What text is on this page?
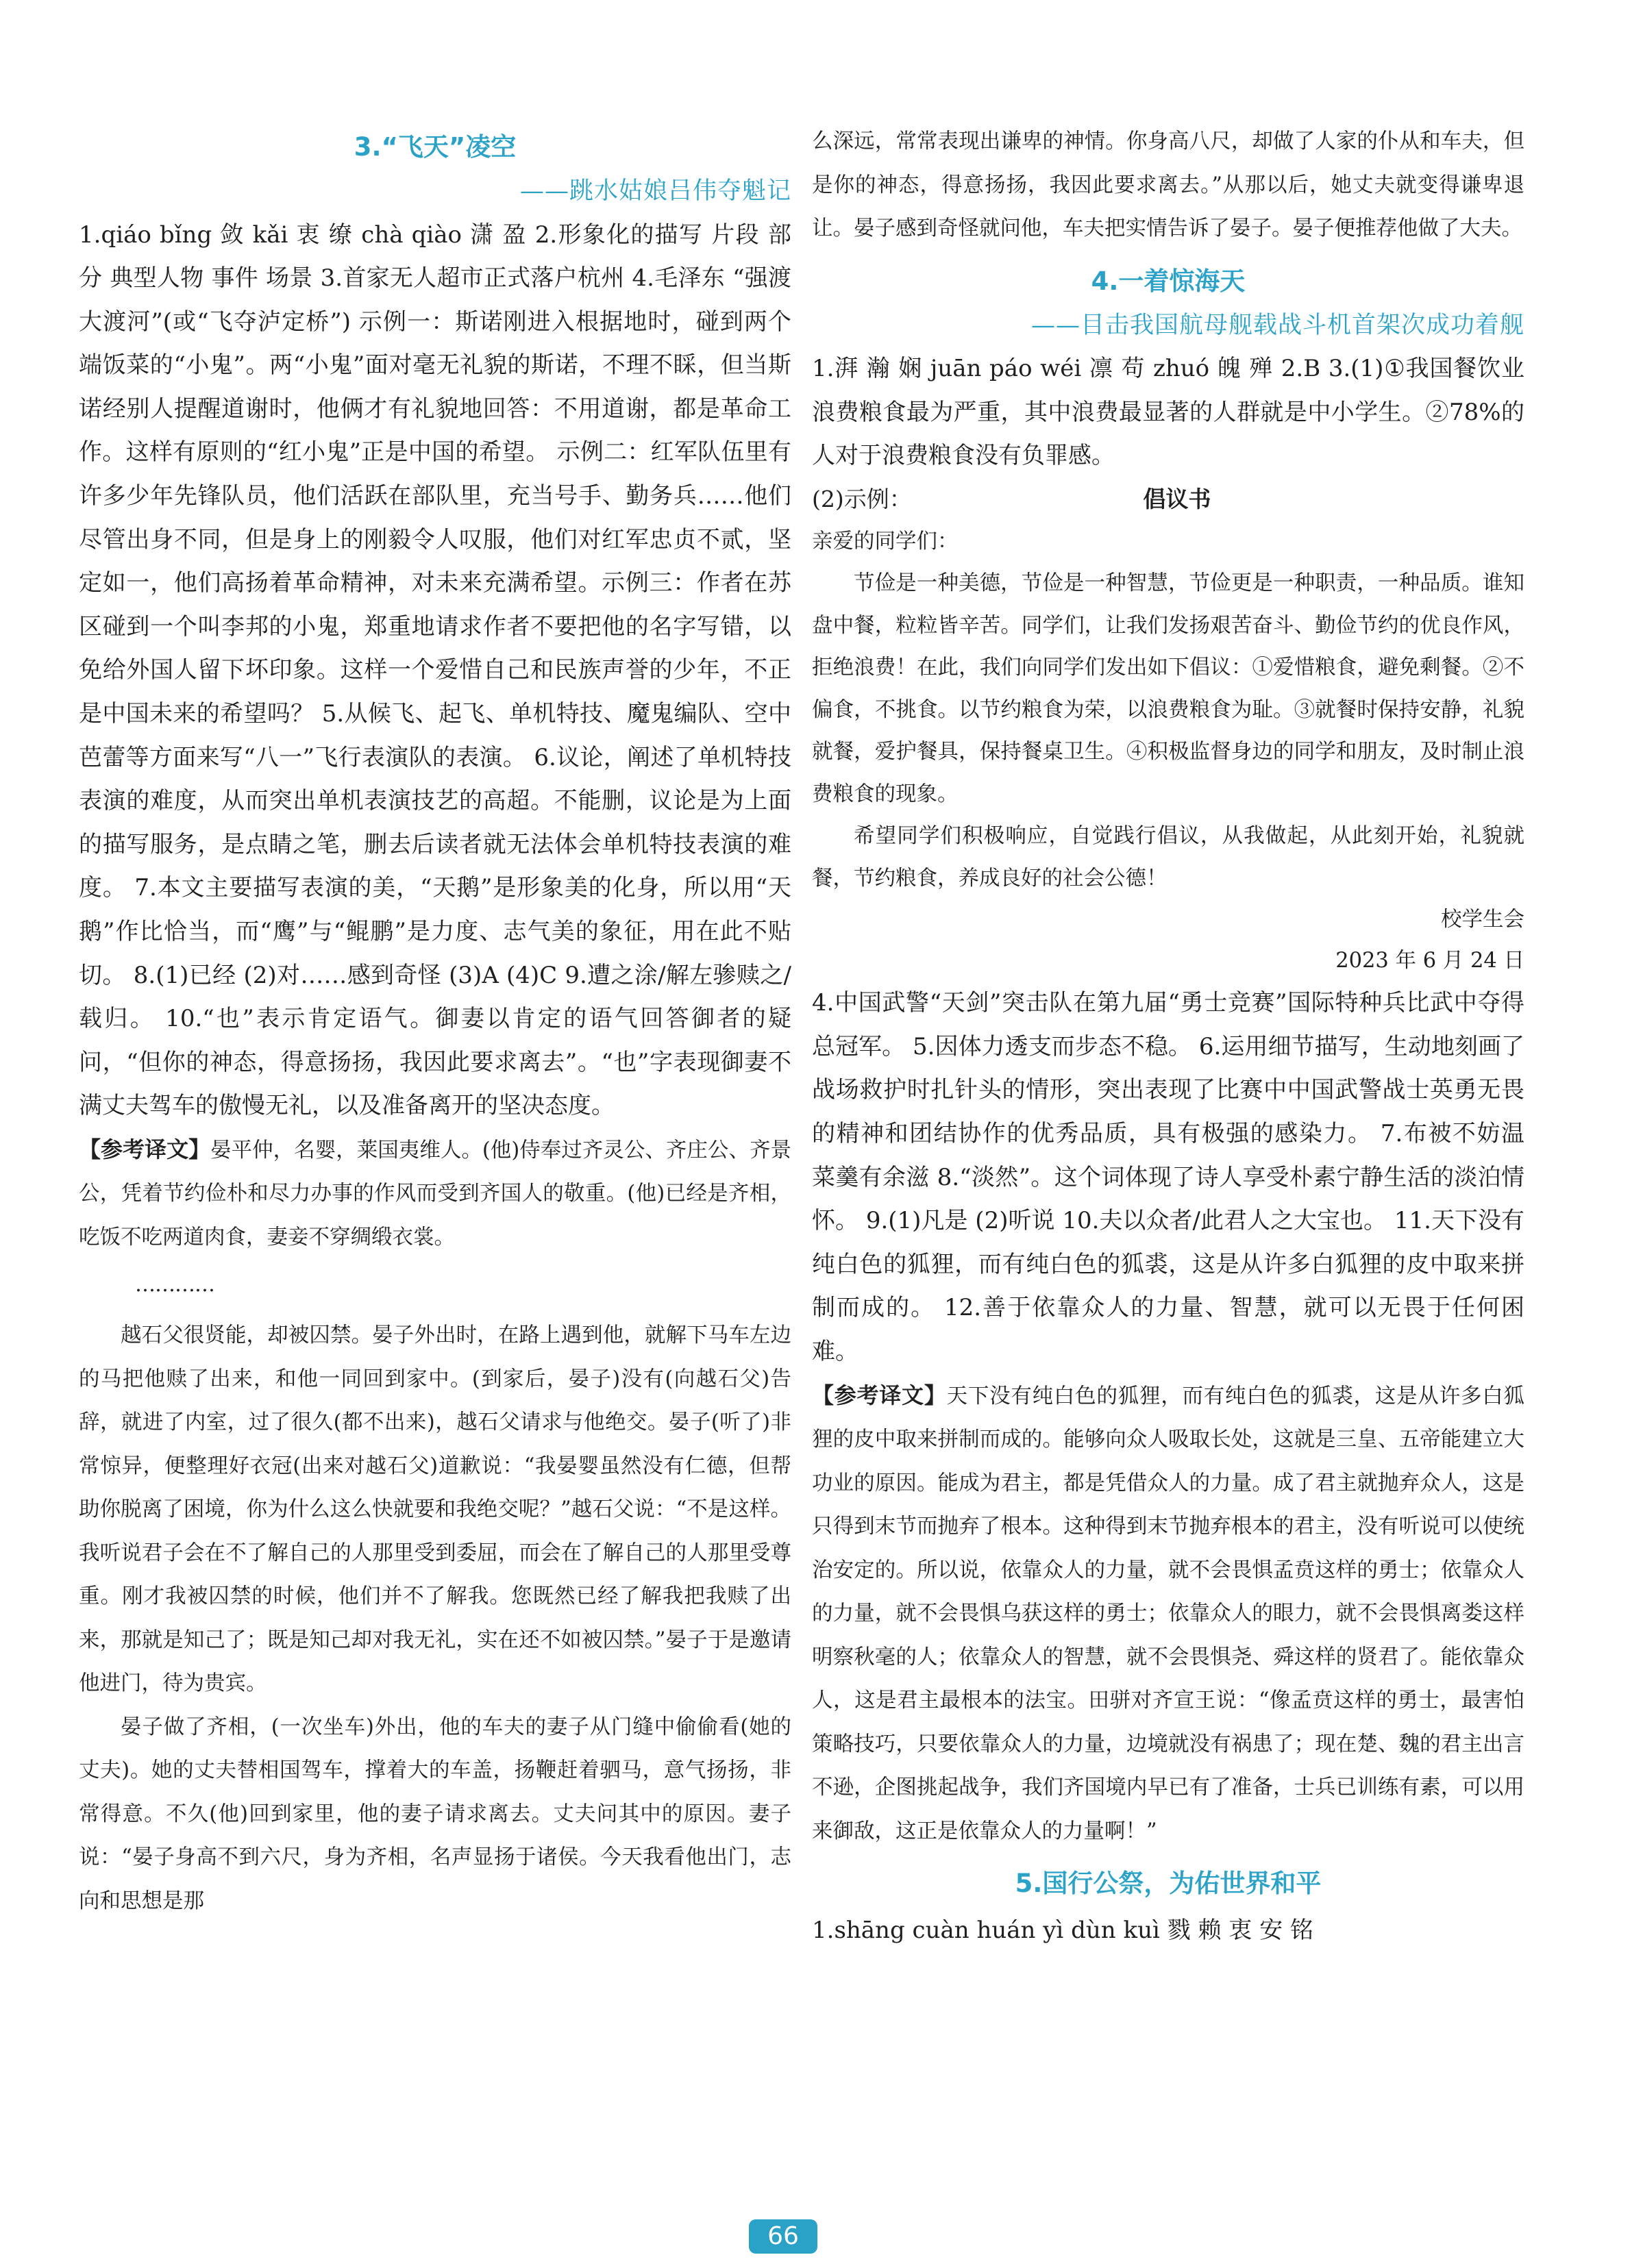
3.“飞天”凌空
——跳水姑娘吕伟夺魁记

1.qiáo bǐng 敛 kǎi 衷 缭 chà qiào 潇 盈 2.形象化的描写 片段 部分 典型人物 事件 场景 3.首家无人超市正式落户杭州 4.毛泽东 “强渡大渡河”(或“飞夺泸定桥”) 示例一：斯诺刚进入根据地时，碰到两个端饭菜的“小鬼”。两“小鬼”面对毫无礼貌的斯诺，不理不睬，但当斯诺经别人提醒道谢时，他俩才有礼貌地回答：不用道谢，都是革命工作。这样有原则的“红小鬼”正是中国的希望。 示例二：红军队伍里有许多少年先锋队员，他们活跃在部队里，充当号手、勤务兵……他们尽管出身不同，但是身上的刚毅令人叹服，他们对红军忠贞不贰，坚定如一，他们高扬着革命精神，对未来充满希望。示例三：作者在苏区碰到一个叫李邦的小鬼，郑重地请求作者不要把他的名字写错，以免给外国人留下坏印象。这样一个爱惜自己和民族声誉的少年，不正是中国未来的希望吗？ 5.从候飞、起飞、单机特技、魔鬼编队、空中芭蕾等方面来写“八一”飞行表演队的表演。 6.议论，阐述了单机特技表演的难度，从而突出单机表演技艺的高超。不能删，议论是为上面的描写服务，是点睛之笔，删去后读者就无法体会单机特技表演的难度。 7.本文主要描写表演的美，“天鹅”是形象美的化身，所以用“天鹅”作比恰当，而“鹰”与“鲲鹏”是力度、志气美的象征，用在此不贴切。 8.(1)已经 (2)对……感到奇怪 (3)A (4)C 9.遭之涂/解左骖赎之/载归。 10.“也”表示肯定语气。御妻以肯定的语气回答御者的疑问，“但你的神态，得意扬扬，我因此要求离去”。“也”字表现御妻不满丈夫驾车的傲慢无礼，以及准备离开的坚决态度。

【参考译文】晏平仲，名婴，莱国夷维人。(他)侍奉过齐灵公、齐庄公、齐景公，凭着节约俭朴和尽力办事的作风而受到齐国人的敬重。(他)已经是齐相，吃饭不吃两道肉食，妻妾不穿绸缎衣裳。

…………

越石父很贤能，却被囚禁。晏子外出时，在路上遇到他，就解下马车左边的马把他赎了出来，和他一同回到家中。(到家后，晏子)没有(向越石父)告辞，就进了内室，过了很久(都不出来)，越石父请求与他绝交。晏子(听了)非常惊异，便整理好衣冠(出来对越石父)道歉说：“我晏婴虽然没有仁德，但帮助你脱离了困境，你为什么这么快就要和我绝交呢？”越石父说：“不是这样。我听说君子会在不了解自己的人那里受到委屈，而会在了解自己的人那里受尊重。刚才我被囚禁的时候，他们并不了解我。您既然已经了解我把我赎了出来，那就是知己了；既是知己却对我无礼，实在还不如被囚禁。”晏子于是邀请他进门，待为贵宾。

晏子做了齐相，(一次坐车)外出，他的车夫的妻子从门缝中偷偷看(她的丈夫)。她的丈夫替相国驾车，撑着大的车盖，扬鞭赶着驷马，意气扬扬，非常得意。不久(他)回到家里，他的妻子请求离去。丈夫问其中的原因。妻子说：“晏子身高不到六尺，身为齐相，名声显扬于诸侯。今天我看他出门，志向和思想是那

么深远，常常表现出谦卑的神情。你身高八尺，却做了人家的仆从和车夫，但是你的神态，得意扬扬，我因此要求离去。”从那以后，她丈夫就变得谦卑退让。晏子感到奇怪就问他，车夫把实情告诉了晏子。晏子便推荐他做了大夫。

4.一着惊海天
——目击我国航母舰载战斗机首架次成功着舰

1.湃 瀚 娴 juān páo wéi 凛 苟 zhuó 魄 殚 2.B 3.(1)①我国餐饮业浪费粮食最为严重，其中浪费最显著的人群就是中小学生。②78%的人对于浪费粮食没有负罪感。

(2)示例：	倡议书

亲爱的同学们：

节俭是一种美德，节俭是一种智慧，节俭更是一种职责，一种品质。谁知盘中餐，粒粒皆辛苦。同学们，让我们发扬艰苦奋斗、勤俭节约的优良作风，拒绝浪费！在此，我们向同学们发出如下倡议：①爱惜粮食，避免剩餐。②不偏食，不挑食。以节约粮食为荣，以浪费粮食为耻。③就餐时保持安静，礼貌就餐，爱护餐具，保持餐桌卫生。④积极监督身边的同学和朋友，及时制止浪费粮食的现象。

希望同学们积极响应，自觉践行倡议，从我做起，从此刻开始，礼貌就餐，节约粮食，养成良好的社会公德！

校学生会

2023 年 6 月 24 日

4.中国武警“天剑”突击队在第九届“勇士竞赛”国际特种兵比武中夺得总冠军。 5.因体力透支而步态不稳。 6.运用细节描写，生动地刻画了战场救护时扎针头的情形，突出表现了比赛中中国武警战士英勇无畏的精神和团结协作的优秀品质，具有极强的感染力。 7.布被不妨温 菜羹有余滋 8.“淡然”。这个词体现了诗人享受朴素宁静生活的淡泊情怀。 9.(1)凡是 (2)听说 10.夫以众者/此君人之大宝也。 11.天下没有纯白色的狐狸，而有纯白色的狐裘，这是从许多白狐狸的皮中取来拼制而成的。 12.善于依靠众人的力量、智慧，就可以无畏于任何困难。

【参考译文】天下没有纯白色的狐狸，而有纯白色的狐裘，这是从许多白狐狸的皮中取来拼制而成的。能够向众人吸取长处，这就是三皇、五帝能建立大功业的原因。能成为君主，都是凭借众人的力量。成了君主就抛弃众人，这是只得到末节而抛弃了根本。这种得到末节抛弃根本的君主，没有听说可以使统治安定的。所以说，依靠众人的力量，就不会畏惧孟贲这样的勇士；依靠众人的力量，就不会畏惧乌获这样的勇士；依靠众人的眼力，就不会畏惧离娄这样明察秋毫的人；依靠众人的智慧，就不会畏惧尧、舜这样的贤君了。能依靠众人，这是君主最根本的法宝。田骈对齐宣王说：“像孟贲这样的勇士，最害怕策略技巧，只要依靠众人的力量，边境就没有祸患了；现在楚、魏的君主出言不逊，企图挑起战争，我们齐国境内早已有了准备，士兵已训练有素，可以用来御敌，这正是依靠众人的力量啊！”

5.国行公祭，为佑世界和平

1.shāng cuàn huán yì dùn kuì 戮 赖 衷 安 铭

66
